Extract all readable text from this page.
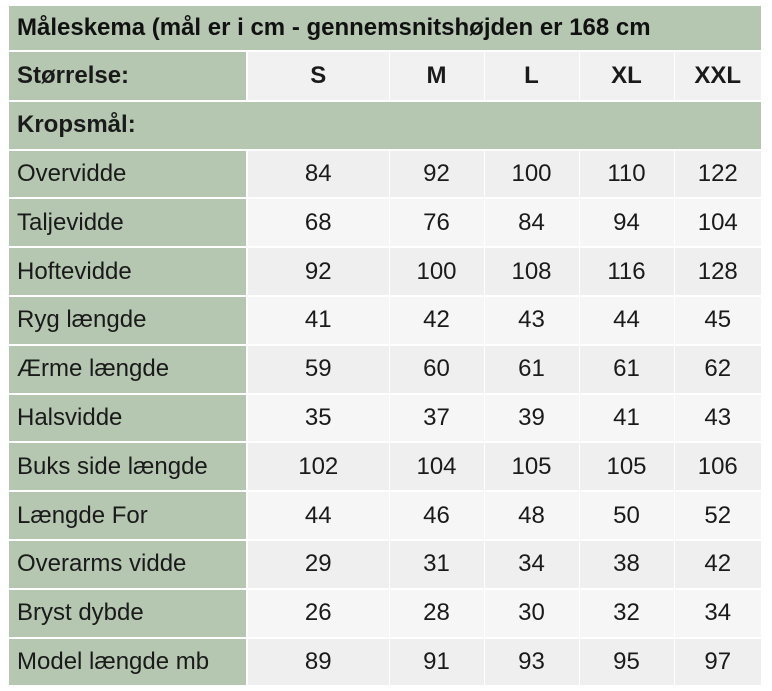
Måleskema (mål er i cm - gennemsnitshøjden er 168 cm
Størrelse:	S	M	L	XL	XXL
Kropsmål:					
Overvidde	84	92	100	110	122
Taljevidde	68	76	84	94	104
Hoftevidde	92	100	108	116	128
Ryg længde	41	42	43	44	45
Ærme længde	59	60	61	61	62
Halsvidde	35	37	39	41	43
Buks side længde	102	104	105	105	106
Længde For	44	46	48	50	52
Overarms vidde	29	31	34	38	42
Bryst dybde	26	28	30	32	34
Model længde mb	89	91	93	95	97
